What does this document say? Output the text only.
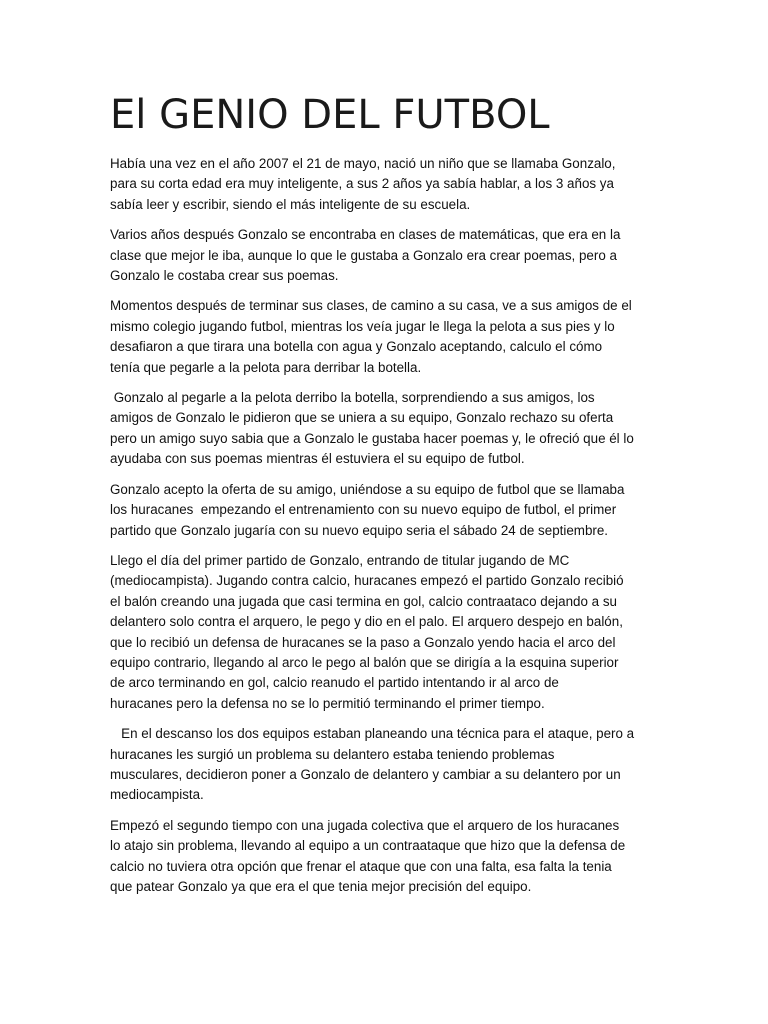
El GENIO DEL FUTBOL

Había una vez en el año 2007 el 21 de mayo, nació un niño que se llamaba Gonzalo,
para su corta edad era muy inteligente, a sus 2 años ya sabía hablar, a los 3 años ya
sabía leer y escribir, siendo el más inteligente de su escuela.

Varios años después Gonzalo se encontraba en clases de matemáticas, que era en la
clase que mejor le iba, aunque lo que le gustaba a Gonzalo era crear poemas, pero a
Gonzalo le costaba crear sus poemas.

Momentos después de terminar sus clases, de camino a su casa, ve a sus amigos de el
mismo colegio jugando futbol, mientras los veía jugar le llega la pelota a sus pies y lo
desafiaron a que tirara una botella con agua y Gonzalo aceptando, calculo el cómo
tenía que pegarle a la pelota para derribar la botella.

Gonzalo al pegarle a la pelota derribo la botella, sorprendiendo a sus amigos, los
amigos de Gonzalo le pidieron que se uniera a su equipo, Gonzalo rechazo su oferta
pero un amigo suyo sabia que a Gonzalo le gustaba hacer poemas y, le ofreció que él lo
ayudaba con sus poemas mientras él estuviera el su equipo de futbol.

Gonzalo acepto la oferta de su amigo, uniéndose a su equipo de futbol que se llamaba
los huracanes  empezando el entrenamiento con su nuevo equipo de futbol, el primer
partido que Gonzalo jugaría con su nuevo equipo seria el sábado 24 de septiembre.

Llego el día del primer partido de Gonzalo, entrando de titular jugando de MC
(mediocampista). Jugando contra calcio, huracanes empezó el partido Gonzalo recibió
el balón creando una jugada que casi termina en gol, calcio contraataco dejando a su
delantero solo contra el arquero, le pego y dio en el palo. El arquero despejo en balón,
que lo recibió un defensa de huracanes se la paso a Gonzalo yendo hacia el arco del
equipo contrario, llegando al arco le pego al balón que se dirigía a la esquina superior
de arco terminando en gol, calcio reanudo el partido intentando ir al arco de
huracanes pero la defensa no se lo permitió terminando el primer tiempo.

En el descanso los dos equipos estaban planeando una técnica para el ataque, pero a
huracanes les surgió un problema su delantero estaba teniendo problemas
musculares, decidieron poner a Gonzalo de delantero y cambiar a su delantero por un
mediocampista.

Empezó el segundo tiempo con una jugada colectiva que el arquero de los huracanes
lo atajo sin problema, llevando al equipo a un contraataque que hizo que la defensa de
calcio no tuviera otra opción que frenar el ataque que con una falta, esa falta la tenia
que patear Gonzalo ya que era el que tenia mejor precisión del equipo.
